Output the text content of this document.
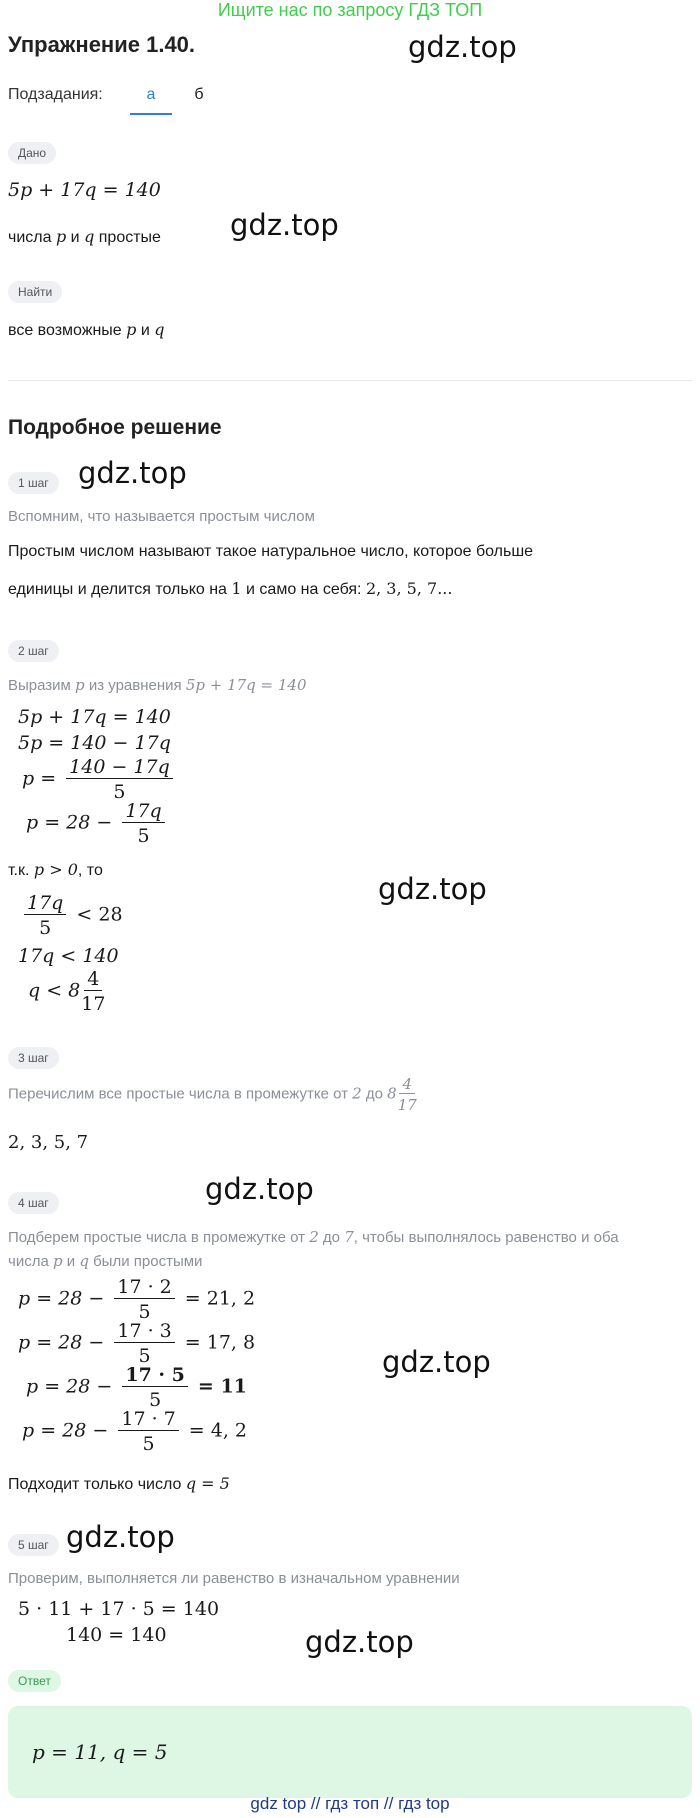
Ищите нас по запросу ГДЗ ТОП
Упражнение 1.40.	gdz.top
gdz.top
gdz.top
gdz.top
gdz.top
gdz.top
gdz.top
gdz.top
Подзадания:	а	б
Дано
5p + 17q = 140
числа p и q простые
Найти
все возможные p и q
Подробное решение
1 шаг
Вспомним, что называется простым числом
Простым числом называют такое натуральное число, которое больше
единицы и делится только на 1 и само на себя: 2, 3, 5, 7...
2 шаг
Выразим p из уравнения 5p + 17q = 140
5p + 17q = 140
5p = 140 − 17q
$p = \frac{140 - 17q}{5}$
$p = 28 - \frac{17q}{5}$
т.к. p > 0, то
$\frac{17q}{5} < 28$
17q < 140
$q < 8 \frac{4}{17}$
3 шаг
Перечислим все простые числа в промежутке от 2 до $8 \frac{4}{17}$
2, 3, 5, 7
4 шаг
Подберем простые числа в промежутке от 2 до 7, чтобы выполнялось равенство и оба
числа p и q были простыми
$p = 28 - \frac{17 \cdot 2}{5} = 21$, 2
$p = 28 - \frac{17 \cdot 3}{5} = 17$, 8
$p = 28 - \frac{17 \cdot 5}{5} = 11$
$p = 28 - \frac{17 \cdot 7}{5} = 4$, 2
Подходит только число q = 5
5 шаг
Проверим, выполняется ли равенство в изначальном уравнении
5 · 11 + 17 · 5 = 140
140 = 140
Ответ
p = 11, q = 5
gdz top // гдз топ // гдз top
